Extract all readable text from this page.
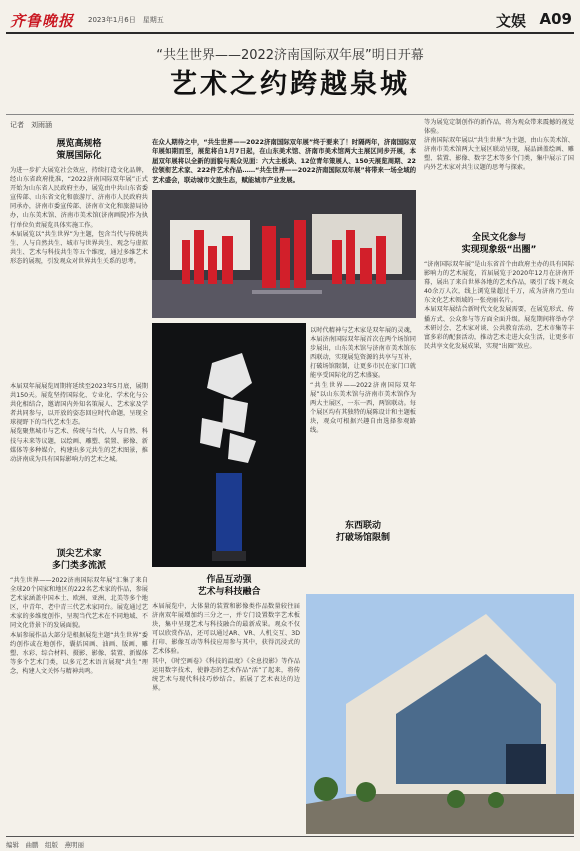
齐鲁晚报 2023年1月6日　星期五	文娱 A09
“共生世界——2022济南国际双年展”明日开幕
艺术之约跨越泉城
记者　刘雨涵
展览高规格
策展国际化
为进一步扩大展览社会效应，持续打造文化品牌，经山东省政府批准，“2022济南国际双年展”正式开始为山东省人民政府主办，展览由中共山东省委宣传部、山东省文化和旅游厅、济南市人民政府共同承办，济南市委宣传部、济南市文化和旅游局协办，山东美术馆、济南市美术馆(济南画院)作为执行单位负责展览具体实施工作。
本届展览以“共生世界”为主题，包含当代与传统共生、人与自然共生、城市与世界共生、观念与虚拟共生、艺术与科技共生等五个维度，通过多维艺术形态的展现，引发观众对世界共生关系的思考。
本届双年展展览周期将延续至2023年5月底，展期共150天。展览坚持国际化、专业化、学术化与公共化相结合，邀请国内外知名策展人、艺术家及学者共同参与，以开放的姿态回应时代命题，呈现全球视野下的当代艺术生态。
展览聚焦城市与艺术、传统与当代、人与自然、科技与未来等议题，以绘画、雕塑、装置、影像、新媒体等多种媒介，构建出多元共生的艺术图景，推动济南成为具有国际影响力的艺术之城。
顶尖艺术家
多门类多流派
“共生世界——2022济南国际双年展”汇集了来自全球20个国家和地区的222名艺术家的作品，参展艺术家涵盖中国本土、欧洲、亚洲、北美等多个地区，中青年、老中青三代艺术家同台。展览通过艺术家的多维度创作，呈现当代艺术在不同地域、不同文化背景下的发展面貌。
本届参展作品大部分是根据展览主题“共生世界”委约创作或在地创作，囊括国画、油画、版画、雕塑、水彩、综合材料、摄影、影像、装置、新媒体等多个艺术门类，以多元艺术语言展现“共生”理念，构建人文关怀与精神共鸣。
在众人期待之中，“共生世界——2022济南国际双年展”终于要来了！时隔两年，济南国际双年展如期而至，展览将自1月7日起，在山东美术馆、济南市美术馆两大主展区同步开展，本届双年展将以全新的面貌与观众见面：六大主板块、12位青年策展人、150天展览周期、22位领衔艺术家、222件艺术作品……“共生世界——2022济南国际双年展”将带来一场全域的艺术盛会，联动城市文旅生态，赋能城市产业发展。
作品互动强
艺术与科技融合
本届展览中，大体量的装置和影像类作品数量较往届济南双年展增加约三分之一，并专门设置数字艺术板块，集中呈现艺术与科技融合的最新成果。观众不仅可以欣赏作品，还可以通过AR、VR、人机交互、3D打印、影像互动等科技应用参与其中，获得沉浸式的艺术体验。
其中，《时空画卷》《科技的温度》《全息投影》等作品运用数字技术，使静态的艺术作品“活”了起来，将传统艺术与现代科技巧妙结合，拓展了艺术表达的边界。
以时代精神与艺术家是双年展的灵魂，本届济南国际双年展首次在两个场馆同步展出，山东美术馆与济南市美术馆东西联动，实现展览资源的共享与互补，打破场馆限制，让更多市民在家门口就能享受国际化的艺术盛宴。
“共生世界——2022济南国际双年展”以山东美术馆与济南市美术馆作为两大主展区，一东一西，两馆联动。每个展区均有其独特的展陈设计和主题板块，观众可根据兴趣自由选择参观路线。
东西联动
打破场馆限制
等为展览定制创作的新作品，将为观众带来震撼的视觉体验。
济南国际双年展以“共生世界”为主题，由山东美术馆、济南市美术馆两大主展区联动呈现，展品涵盖绘画、雕塑、装置、影像、数字艺术等多个门类，集中展示了国内外艺术家对共生议题的思考与探索。
全民文化参与
实现现象级“出圈”
“济南国际双年展”是山东省首个由政府主办的具有国际影响力的艺术展览，首届展览于2020年12月在济南开幕，展出了来自世界各地的艺术作品，吸引了线下观众40余万人次，线上浏览量超过千万，成为济南乃至山东文化艺术领域的一张亮丽名片。
本届双年展结合新时代文化发展需要，在展览形式、传播方式、公众参与等方面全面升级。展览期间将举办学术研讨会、艺术家对谈、公共教育活动、艺术市集等丰富多彩的配套活动，推动艺术走进大众生活，让更多市民共享文化发展成果，实现“出圈”效应。
编辑　曲鹏　组版　燕明丽
